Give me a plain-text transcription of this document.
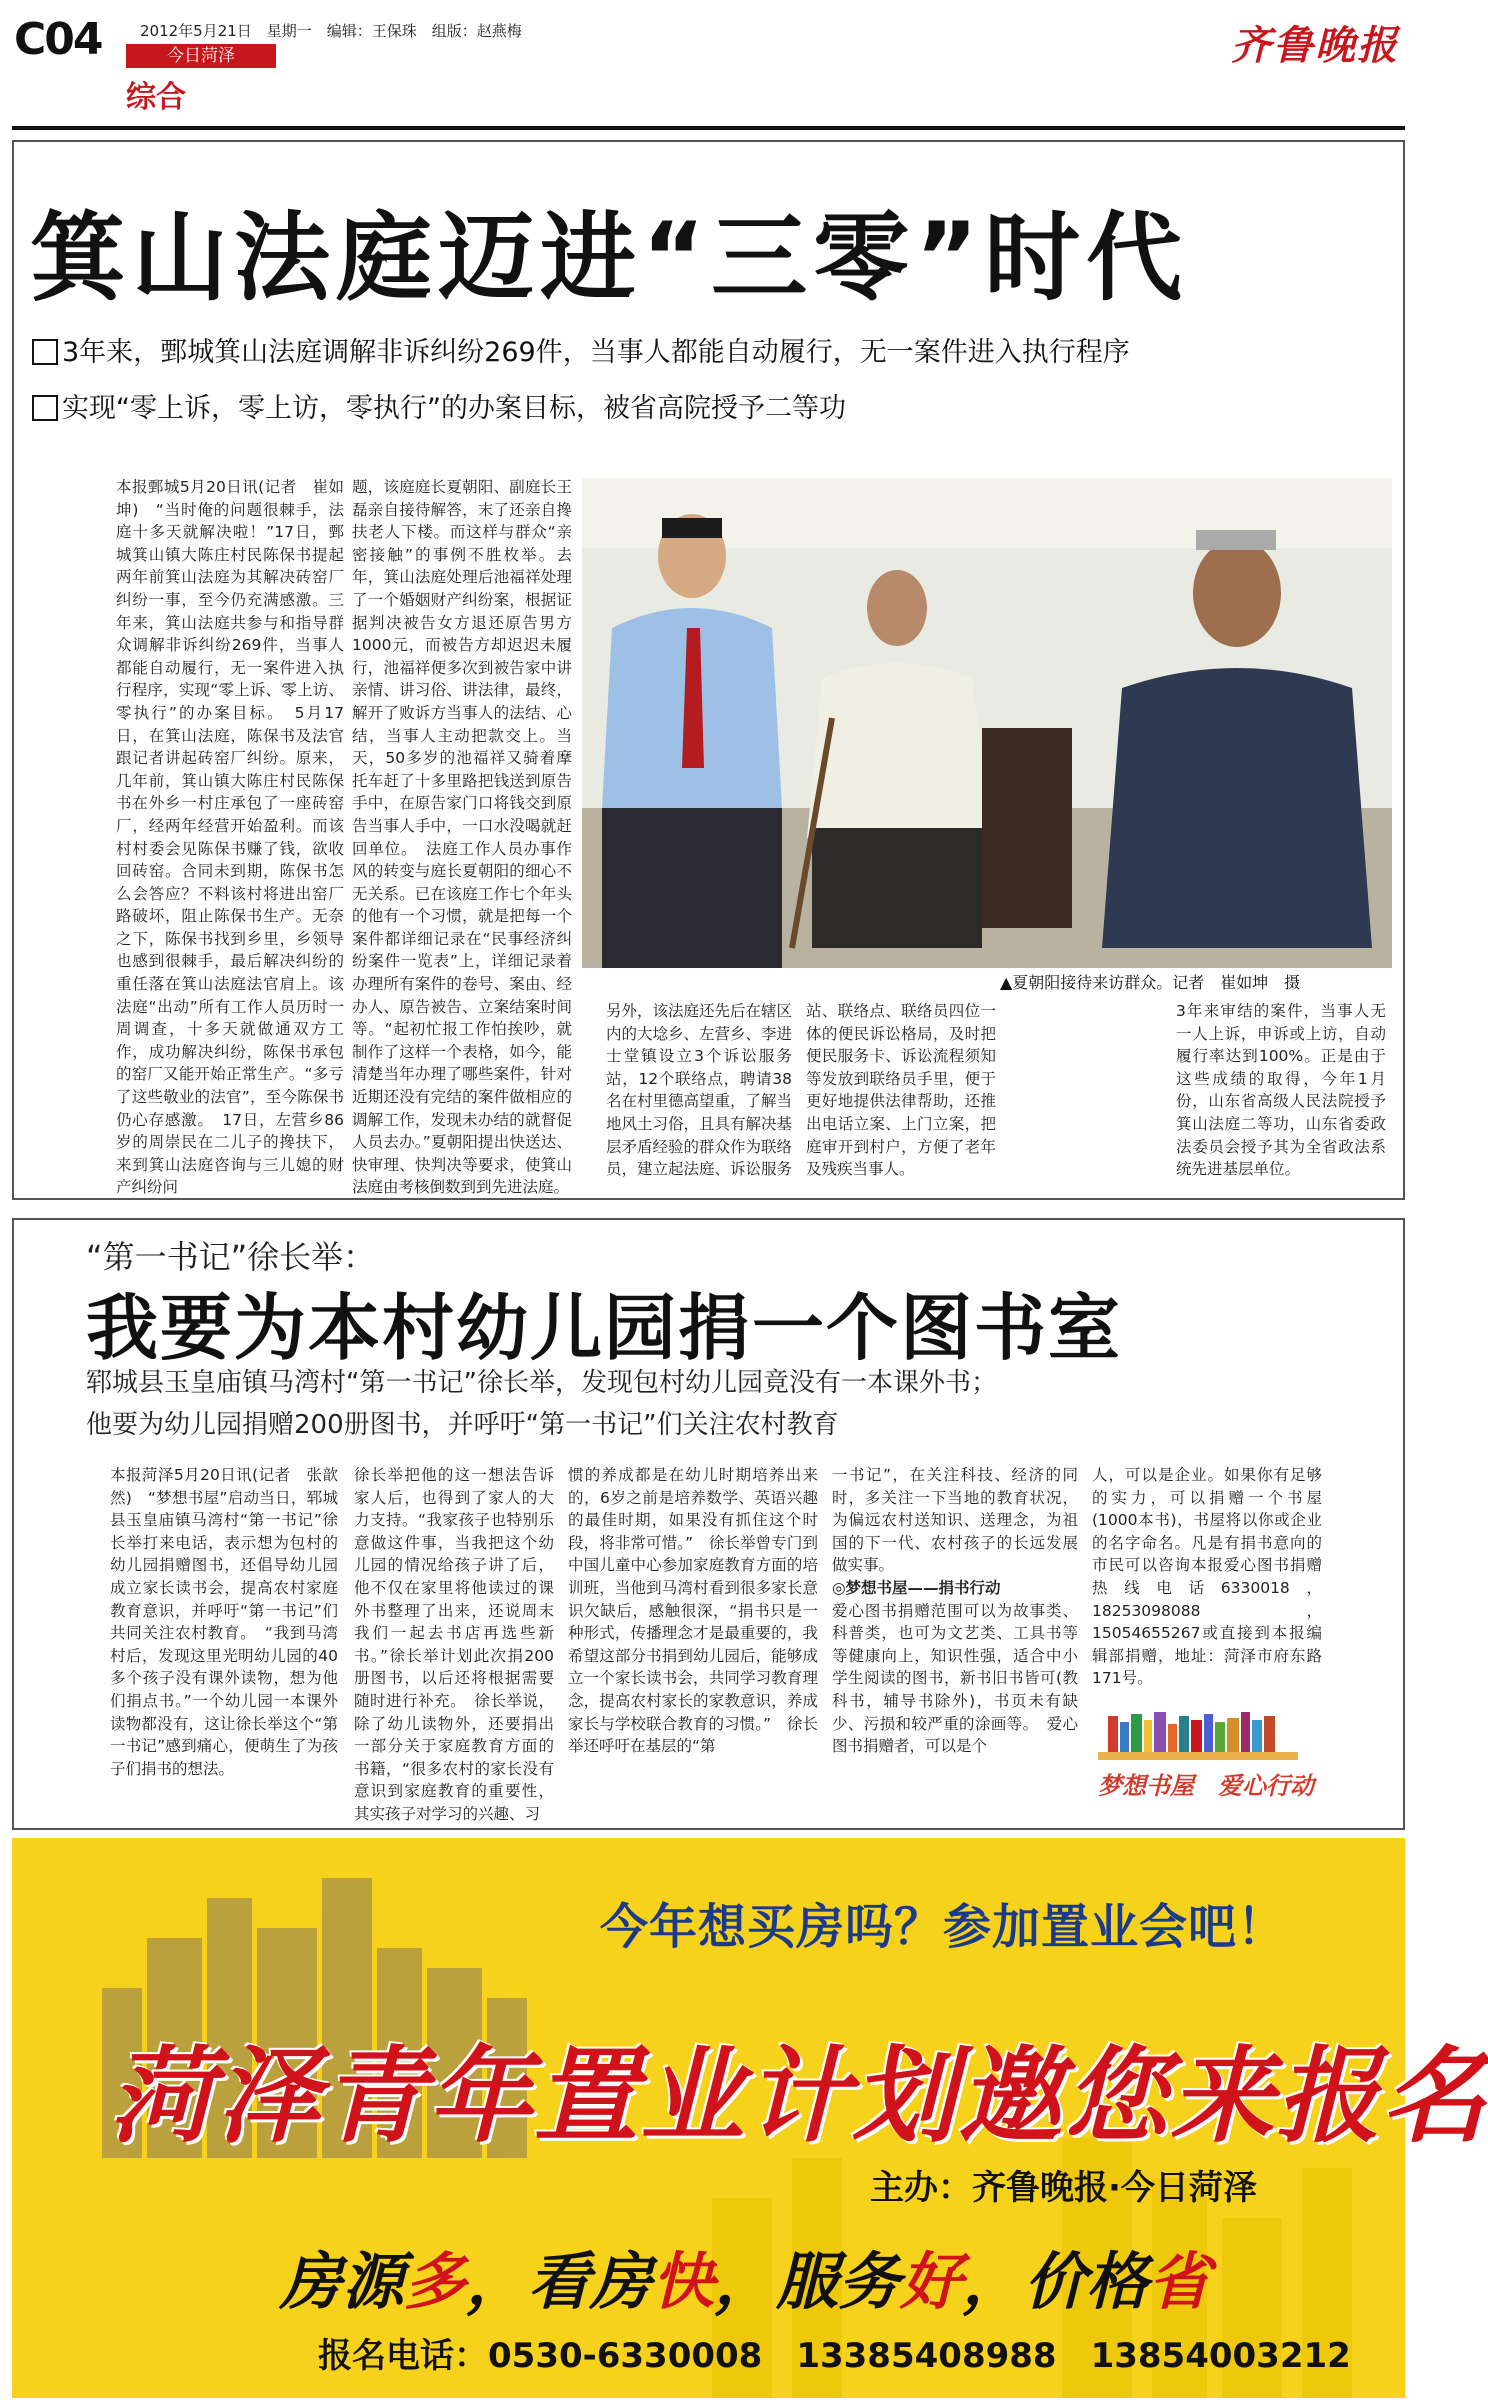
C04	2012年5月21日　星期一　编辑：王保珠　组版：赵燕梅
今日菏泽
综合
齐鲁晚报
箕山法庭迈进“三零”时代
3年来，鄄城箕山法庭调解非诉纠纷269件，当事人都能自动履行，无一案件进入执行程序
实现“零上诉，零上访，零执行”的办案目标，被省高院授予二等功
本报鄄城5月20日讯(记者　崔如坤)　“当时俺的问题很棘手，法庭十多天就解决啦！”17日，鄄城箕山镇大陈庄村民陈保书提起两年前箕山法庭为其解决砖窑厂纠纷一事，至今仍充满感激。三年来，箕山法庭共参与和指导群众调解非诉纠纷269件，当事人都能自动履行，无一案件进入执行程序，实现“零上诉、零上访、零执行”的办案目标。　5月17日，在箕山法庭，陈保书及法官跟记者讲起砖窑厂纠纷。原来，几年前，箕山镇大陈庄村民陈保书在外乡一村庄承包了一座砖窑厂，经两年经营开始盈利。而该村村委会见陈保书赚了钱，欲收回砖窑。合同未到期，陈保书怎么会答应？不料该村将进出窑厂路破坏，阻止陈保书生产。无奈之下，陈保书找到乡里，乡领导也感到很棘手，最后解决纠纷的重任落在箕山法庭法官肩上。该法庭“出动”所有工作人员历时一周调查，十多天就做通双方工作，成功解决纠纷，陈保书承包的窑厂又能开始正常生产。“多亏了这些敬业的法官”，至今陈保书仍心存感激。　17日，左营乡86岁的周崇民在二儿子的搀扶下，来到箕山法庭咨询与三儿媳的财产纠纷问
题，该庭庭长夏朝阳、副庭长王磊亲自接待解答，末了还亲自搀扶老人下楼。而这样与群众“亲密接触”的事例不胜枚举。去年，箕山法庭处理后池福祥处理了一个婚姻财产纠纷案，根据证据判决被告女方退还原告男方1000元，而被告方却迟迟未履行，池福祥便多次到被告家中讲亲情、讲习俗、讲法律，最终，解开了败诉方当事人的法结、心结，当事人主动把款交上。当天，50多岁的池福祥又骑着摩托车赶了十多里路把钱送到原告手中，在原告家门口将钱交到原告当事人手中，一口水没喝就赶回单位。　法庭工作人员办事作风的转变与庭长夏朝阳的细心不无关系。已在该庭工作七个年头的他有一个习惯，就是把每一个案件都详细记录在“民事经济纠纷案件一览表”上，详细记录着办理所有案件的卷号、案由、经办人、原告被告、立案结案时间等。“起初忙报工作怕挨吵，就制作了这样一个表格，如今，能清楚当年办理了哪些案件，针对近期还没有完结的案件做相应的调解工作，发现未办结的就督促人员去办。”夏朝阳提出快送达、快审理、快判决等要求，使箕山法庭由考核倒数到到先进法庭。
▲夏朝阳接待来访群众。记者　崔如坤　摄
另外，该法庭还先后在辖区内的大埝乡、左营乡、李进士堂镇设立3个诉讼服务站，12个联络点，聘请38名在村里德高望重，了解当地风土习俗，且具有解决基层矛盾经验的群众作为联络员，建立起法庭、诉讼服务
站、联络点、联络员四位一体的便民诉讼格局，及时把便民服务卡、诉讼流程须知等发放到联络员手里，便于更好地提供法律帮助，还推出电话立案、上门立案，把庭审开到村户，方便了老年及残疾当事人。
3年来审结的案件，当事人无一人上诉，申诉或上访，自动履行率达到100%。正是由于这些成绩的取得，今年1月份，山东省高级人民法院授予箕山法庭二等功，山东省委政法委员会授予其为全省政法系统先进基层单位。
“第一书记”徐长举：
我要为本村幼儿园捐一个图书室
郓城县玉皇庙镇马湾村“第一书记”徐长举，发现包村幼儿园竟没有一本课外书；
他要为幼儿园捐赠200册图书，并呼吁“第一书记”们关注农村教育
本报菏泽5月20日讯(记者　张歆然)　“梦想书屋”启动当日，郓城县玉皇庙镇马湾村“第一书记”徐长举打来电话，表示想为包村的幼儿园捐赠图书，还倡导幼儿园成立家长读书会，提高农村家庭教育意识，并呼吁“第一书记”们共同关注农村教育。　“我到马湾村后，发现这里光明幼儿园的40多个孩子没有课外读物，想为他们捐点书。”一个幼儿园一本课外读物都没有，这让徐长举这个“第一书记”感到痛心，便萌生了为孩子们捐书的想法。
徐长举把他的这一想法告诉家人后，也得到了家人的大力支持。“我家孩子也特别乐意做这件事，当我把这个幼儿园的情况给孩子讲了后，他不仅在家里将他读过的课外书整理了出来，还说周末我们一起去书店再选些新书。”徐长举计划此次捐200册图书，以后还将根据需要随时进行补充。　徐长举说，除了幼儿读物外，还要捐出一部分关于家庭教育方面的书籍，“很多农村的家长没有意识到家庭教育的重要性，其实孩子对学习的兴趣、习
惯的养成都是在幼儿时期培养出来的，6岁之前是培养数学、英语兴趣的最佳时期，如果没有抓住这个时段，将非常可惜。”　徐长举曾专门到中国儿童中心参加家庭教育方面的培训班，当他到马湾村看到很多家长意识欠缺后，感触很深，“捐书只是一种形式，传播理念才是最重要的，我希望这部分书捐到幼儿园后，能够成立一个家长读书会，共同学习教育理念，提高农村家长的家教意识，养成家长与学校联合教育的习惯。”　徐长举还呼吁在基层的“第
一书记”，在关注科技、经济的同时，多关注一下当地的教育状况，为偏远农村送知识、送理念，为祖国的下一代、农村孩子的长远发展做实事。
◎梦想书屋——捐书行动
爱心图书捐赠范围可以为故事类、科普类，也可为文艺类、工具书等等健康向上，知识性强，适合中小学生阅读的图书，新书旧书皆可(教科书，辅导书除外)，书页未有缺少、污损和较严重的涂画等。　爱心图书捐赠者，可以是个
人，可以是企业。如果你有足够的实力，可以捐赠一个书屋(1000本书)，书屋将以你或企业的名字命名。凡是有捐书意向的市民可以咨询本报爱心图书捐赠热线电话6330018，18253098088，15054655267或直接到本报编辑部捐赠，地址：菏泽市府东路171号。
梦想书屋　爱心行动
今年想买房吗？参加置业会吧！
菏泽青年置业计划邀您来报名
主办：齐鲁晚报·今日菏泽
房源多，看房快，服务好，价格省
报名电话：0530-6330008　13385408988　13854003212
